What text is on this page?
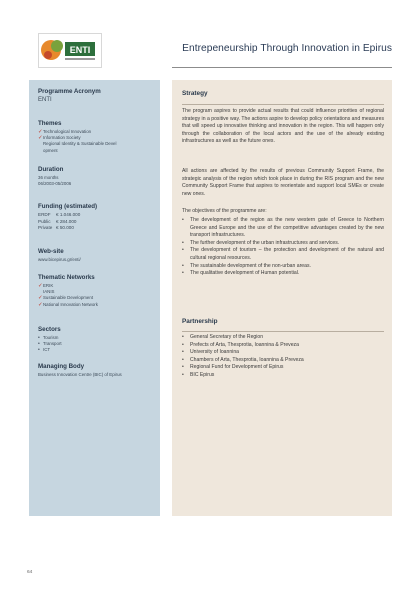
ENTI	Entrepeneurship Through Innovation in Epirus
Programme Acronym
ENTI
Themes
✓Technological Innovation
✓Information Society
Regional Identity & Sustainable Devel
opment
Duration
36 months
06/2003-05/2006
Funding (estimated)
ERDF € 1.046.000
Public € 284.000
Private € 50.000
Web-site
www.bicepirus.gr/enti/
Thematic Networks
✓ERIK
IANIS
✓Sustainable Development
✓National Innovation Network
Sectors
• Tourism
• Transport
• ICT
Managing Body
Business Innovation Centre (BIC) of Epirus
Strategy
The program aspires to provide actual results that could influence priorities of regional strategy in a positive way. The actions aspire to develop policy orientations and measures that will speed up innovative thinking and innovation in the region. This will happen only through the collaboration of the local actors and the use of the already existing infrastructures as well as the future ones.
All actions are affected by the results of previous Community Support Frame, the strategic analysis of the region which took place in during the RIS program and the new Community Support Frame that aspires to reorientate and support local SMEs or create new ones.
The objectives of the programme are:
• The development of the region as the new western gate of Greece to Northern Greece and Europe and the use of the competitive advantages created by the new transport infrastructures.
• The further development of the urban infrastructures and services.
• The development of tourism – the protection and development of the natural and cultural regional resources.
• The sustainable development of the non-urban areas.
• The qualitative development of Human potential.
Partnership
• General Secretary of the Region
• Prefects of Arta, Thesprotia, Ioannina & Preveza
• University of Ioannina
• Chambers of Arta, Thesprotia, Ioannina & Preveza
• Regional Fund for Development of Epirus
• BIC Epirus
64
